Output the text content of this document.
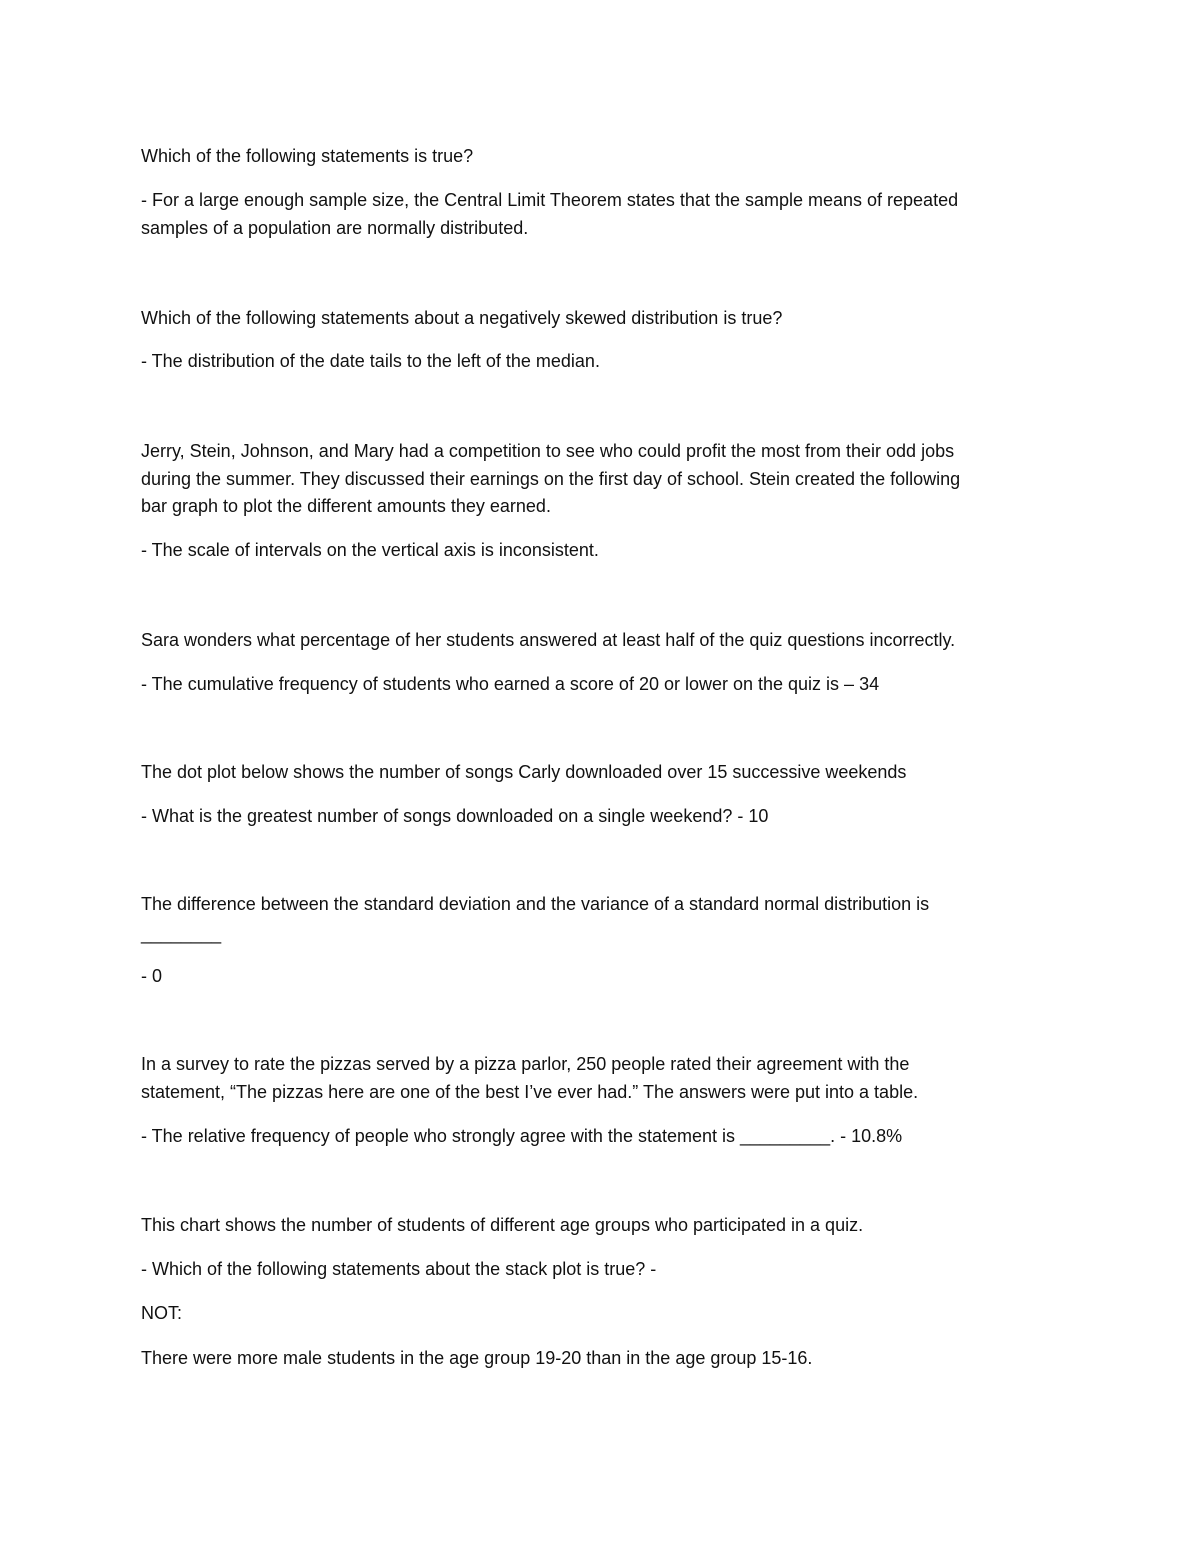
Which of the following statements is true?
- For a large enough sample size, the Central Limit Theorem states that the sample means of repeated
samples of a population are normally distributed.
Which of the following statements about a negatively skewed distribution is true?
- The distribution of the date tails to the left of the median.
Jerry, Stein, Johnson, and Mary had a competition to see who could profit the most from their odd jobs
during the summer. They discussed their earnings on the first day of school. Stein created the following
bar graph to plot the different amounts they earned.
- The scale of intervals on the vertical axis is inconsistent.
Sara wonders what percentage of her students answered at least half of the quiz questions incorrectly.
- The cumulative frequency of students who earned a score of 20 or lower on the quiz is – 34
The dot plot below shows the number of songs Carly downloaded over 15 successive weekends
- What is the greatest number of songs downloaded on a single weekend? - 10
The difference between the standard deviation and the variance of a standard normal distribution is
________
- 0
In a survey to rate the pizzas served by a pizza parlor, 250 people rated their agreement with the
statement, “The pizzas here are one of the best I’ve ever had.” The answers were put into a table.
- The relative frequency of people who strongly agree with the statement is _________. - 10.8%
This chart shows the number of students of different age groups who participated in a quiz.
- Which of the following statements about the stack plot is true? -
NOT:
There were more male students in the age group 19-20 than in the age group 15-16.
